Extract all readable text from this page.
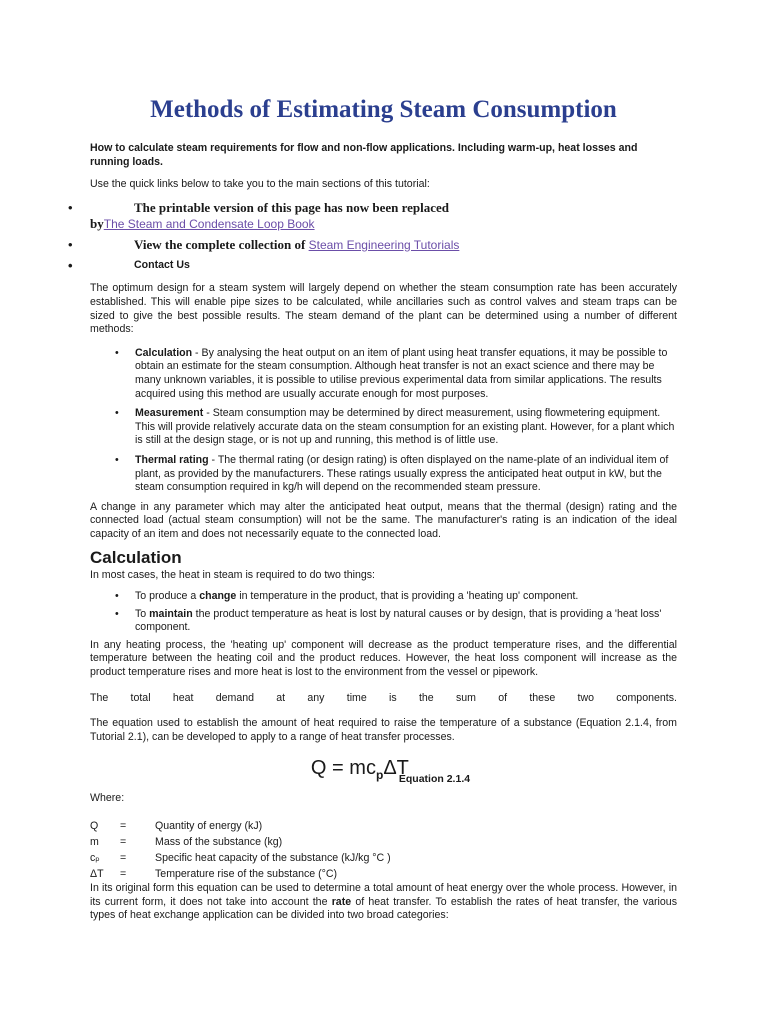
Methods of Estimating Steam Consumption

How to calculate steam requirements for flow and non-flow applications. Including warm-up, heat losses and running loads.

Use the quick links below to take you to the main sections of this tutorial:

•	The printable version of this page has now been replaced
byThe Steam and Condensate Loop Book
•	View the complete collection of Steam Engineering Tutorials
•	Contact Us

The optimum design for a steam system will largely depend on whether the steam consumption rate has been accurately established. This will enable pipe sizes to be calculated, while ancillaries such as control valves and steam traps can be sized to give the best possible results. The steam demand of the plant can be determined using a number of different methods:

• Calculation - By analysing the heat output on an item of plant using heat transfer equations, it may be possible to obtain an estimate for the steam consumption. Although heat transfer is not an exact science and there may be many unknown variables, it is possible to utilise previous experimental data from similar applications. The results acquired using this method are usually accurate enough for most purposes.
• Measurement - Steam consumption may be determined by direct measurement, using flowmetering equipment. This will provide relatively accurate data on the steam consumption for an existing plant. However, for a plant which is still at the design stage, or is not up and running, this method is of little use.
• Thermal rating - The thermal rating (or design rating) is often displayed on the name-plate of an individual item of plant, as provided by the manufacturers. These ratings usually express the anticipated heat output in kW, but the steam consumption required in kg/h will depend on the recommended steam pressure.

A change in any parameter which may alter the anticipated heat output, means that the thermal (design) rating and the connected load (actual steam consumption) will not be the same. The manufacturer's rating is an indication of the ideal capacity of an item and does not necessarily equate to the connected load.

Calculation

In most cases, the heat in steam is required to do two things:

• To produce a change in temperature in the product, that is providing a 'heating up' component.
• To maintain the product temperature as heat is lost by natural causes or by design, that is providing a 'heat loss' component.

In any heating process, the 'heating up' component will decrease as the product temperature rises, and the differential temperature between the heating coil and the product reduces. However, the heat loss component will increase as the product temperature rises and more heat is lost to the environment from the vessel or pipework.

The total heat demand at any time is the sum of these two components.

The equation used to establish the amount of heat required to raise the temperature of a substance (Equation 2.1.4, from Tutorial 2.1), can be developed to apply to a range of heat transfer processes.

$Q = mc_p\Delta TEquation$ 2.1.4

Where:

Q	=	Quantity of energy (kJ)
m	=	Mass of the substance (kg)
cₚ	=	Specific heat capacity of the substance (kJ/kg °C )
ΔT	=	Temperature rise of the substance (°C)

In its original form this equation can be used to determine a total amount of heat energy over the whole process. However, in its current form, it does not take into account the rate of heat transfer. To establish the rates of heat transfer, the various types of heat exchange application can be divided into two broad categories:
